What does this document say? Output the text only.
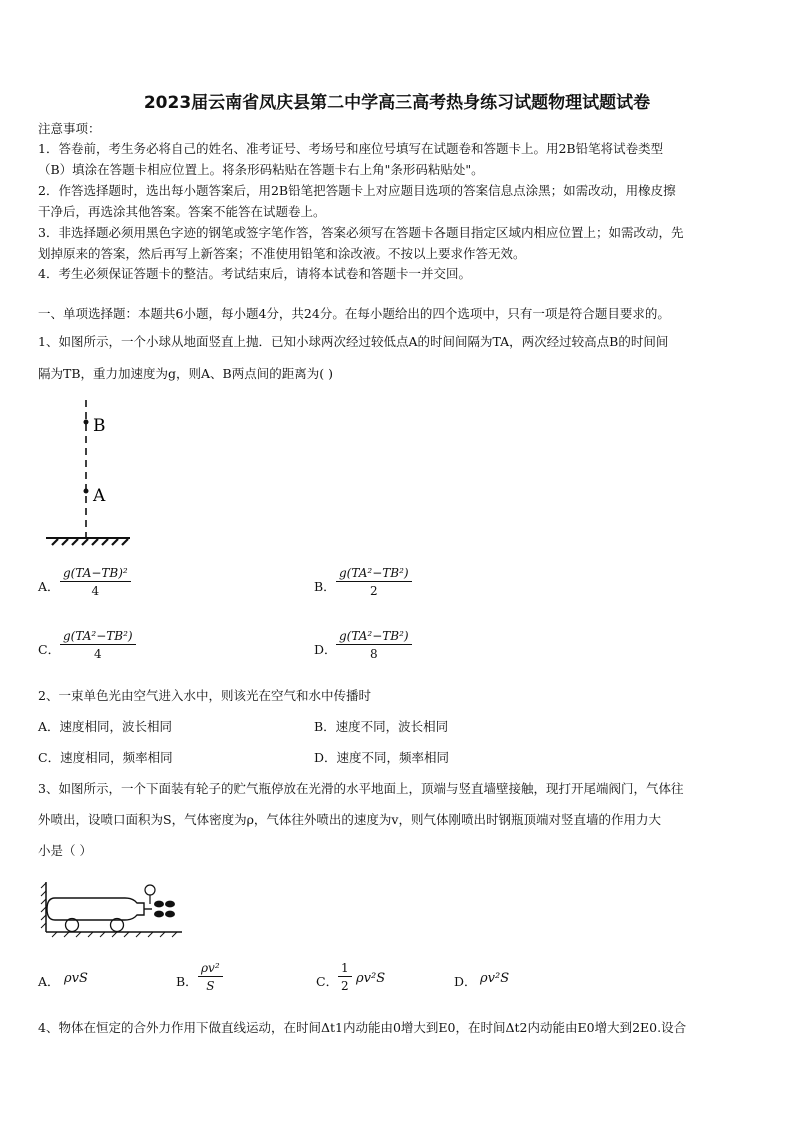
2023届云南省凤庆县第二中学高三高考热身练习试题物理试题试卷
注意事项：
1．答卷前，考生务必将自己的姓名、准考证号、考场号和座位号填写在试题卷和答题卡上。用2B铅笔将试卷类型
（B）填涂在答题卡相应位置上。将条形码粘贴在答题卡右上角"条形码粘贴处"。
2．作答选择题时，选出每小题答案后，用2B铅笔把答题卡上对应题目选项的答案信息点涂黑；如需改动，用橡皮擦
干净后，再选涂其他答案。答案不能答在试题卷上。
3．非选择题必须用黑色字迹的钢笔或签字笔作答，答案必须写在答题卡各题目指定区域内相应位置上；如需改动，先
划掉原来的答案，然后再写上新答案；不准使用铅笔和涂改液。不按以上要求作答无效。
4．考生必须保证答题卡的整洁。考试结束后，请将本试卷和答题卡一并交回。
一、单项选择题：本题共6小题，每小题4分，共24分。在每小题给出的四个选项中，只有一项是符合题目要求的。
1、如图所示，一个小球从地面竖直上抛．已知小球两次经过较低点A的时间间隔为TA，两次经过较高点B的时间间
隔为TB，重力加速度为g，则A、B两点间的距离为( )
B
A
A． $\frac{\text{g(TA−TB)²}}{4}$	B． $\frac{\text{g(TA²−TB²)}}{2}$
C． $\frac{\text{g(TA²−TB²)}}{4}$	D． $\frac{\text{g(TA²−TB²)}}{8}$
2、一束单色光由空气进入水中，则该光在空气和水中传播时
A．速度相同，波长相同	B．速度不同，波长相同
C．速度相同，频率相同	D．速度不同，频率相同
3、如图所示，一个下面装有轮子的贮气瓶停放在光滑的水平地面上，顶端与竖直墙壁接触，现打开尾端阀门，气体往
外喷出，设喷口面积为S，气体密度为ρ，气体往外喷出的速度为v，则气体刚喷出时钢瓶顶端对竖直墙的作用力大
小是（ ）
A． ρvS	B． $\frac{\text{ρv²}}{S}$	C． $\frac{1}{2} \rho v^2S$	D． ρv²S
4、物体在恒定的合外力作用下做直线运动，在时间Δt1内动能由0增大到E0，在时间Δt2内动能由E0增大到2E0.设合
